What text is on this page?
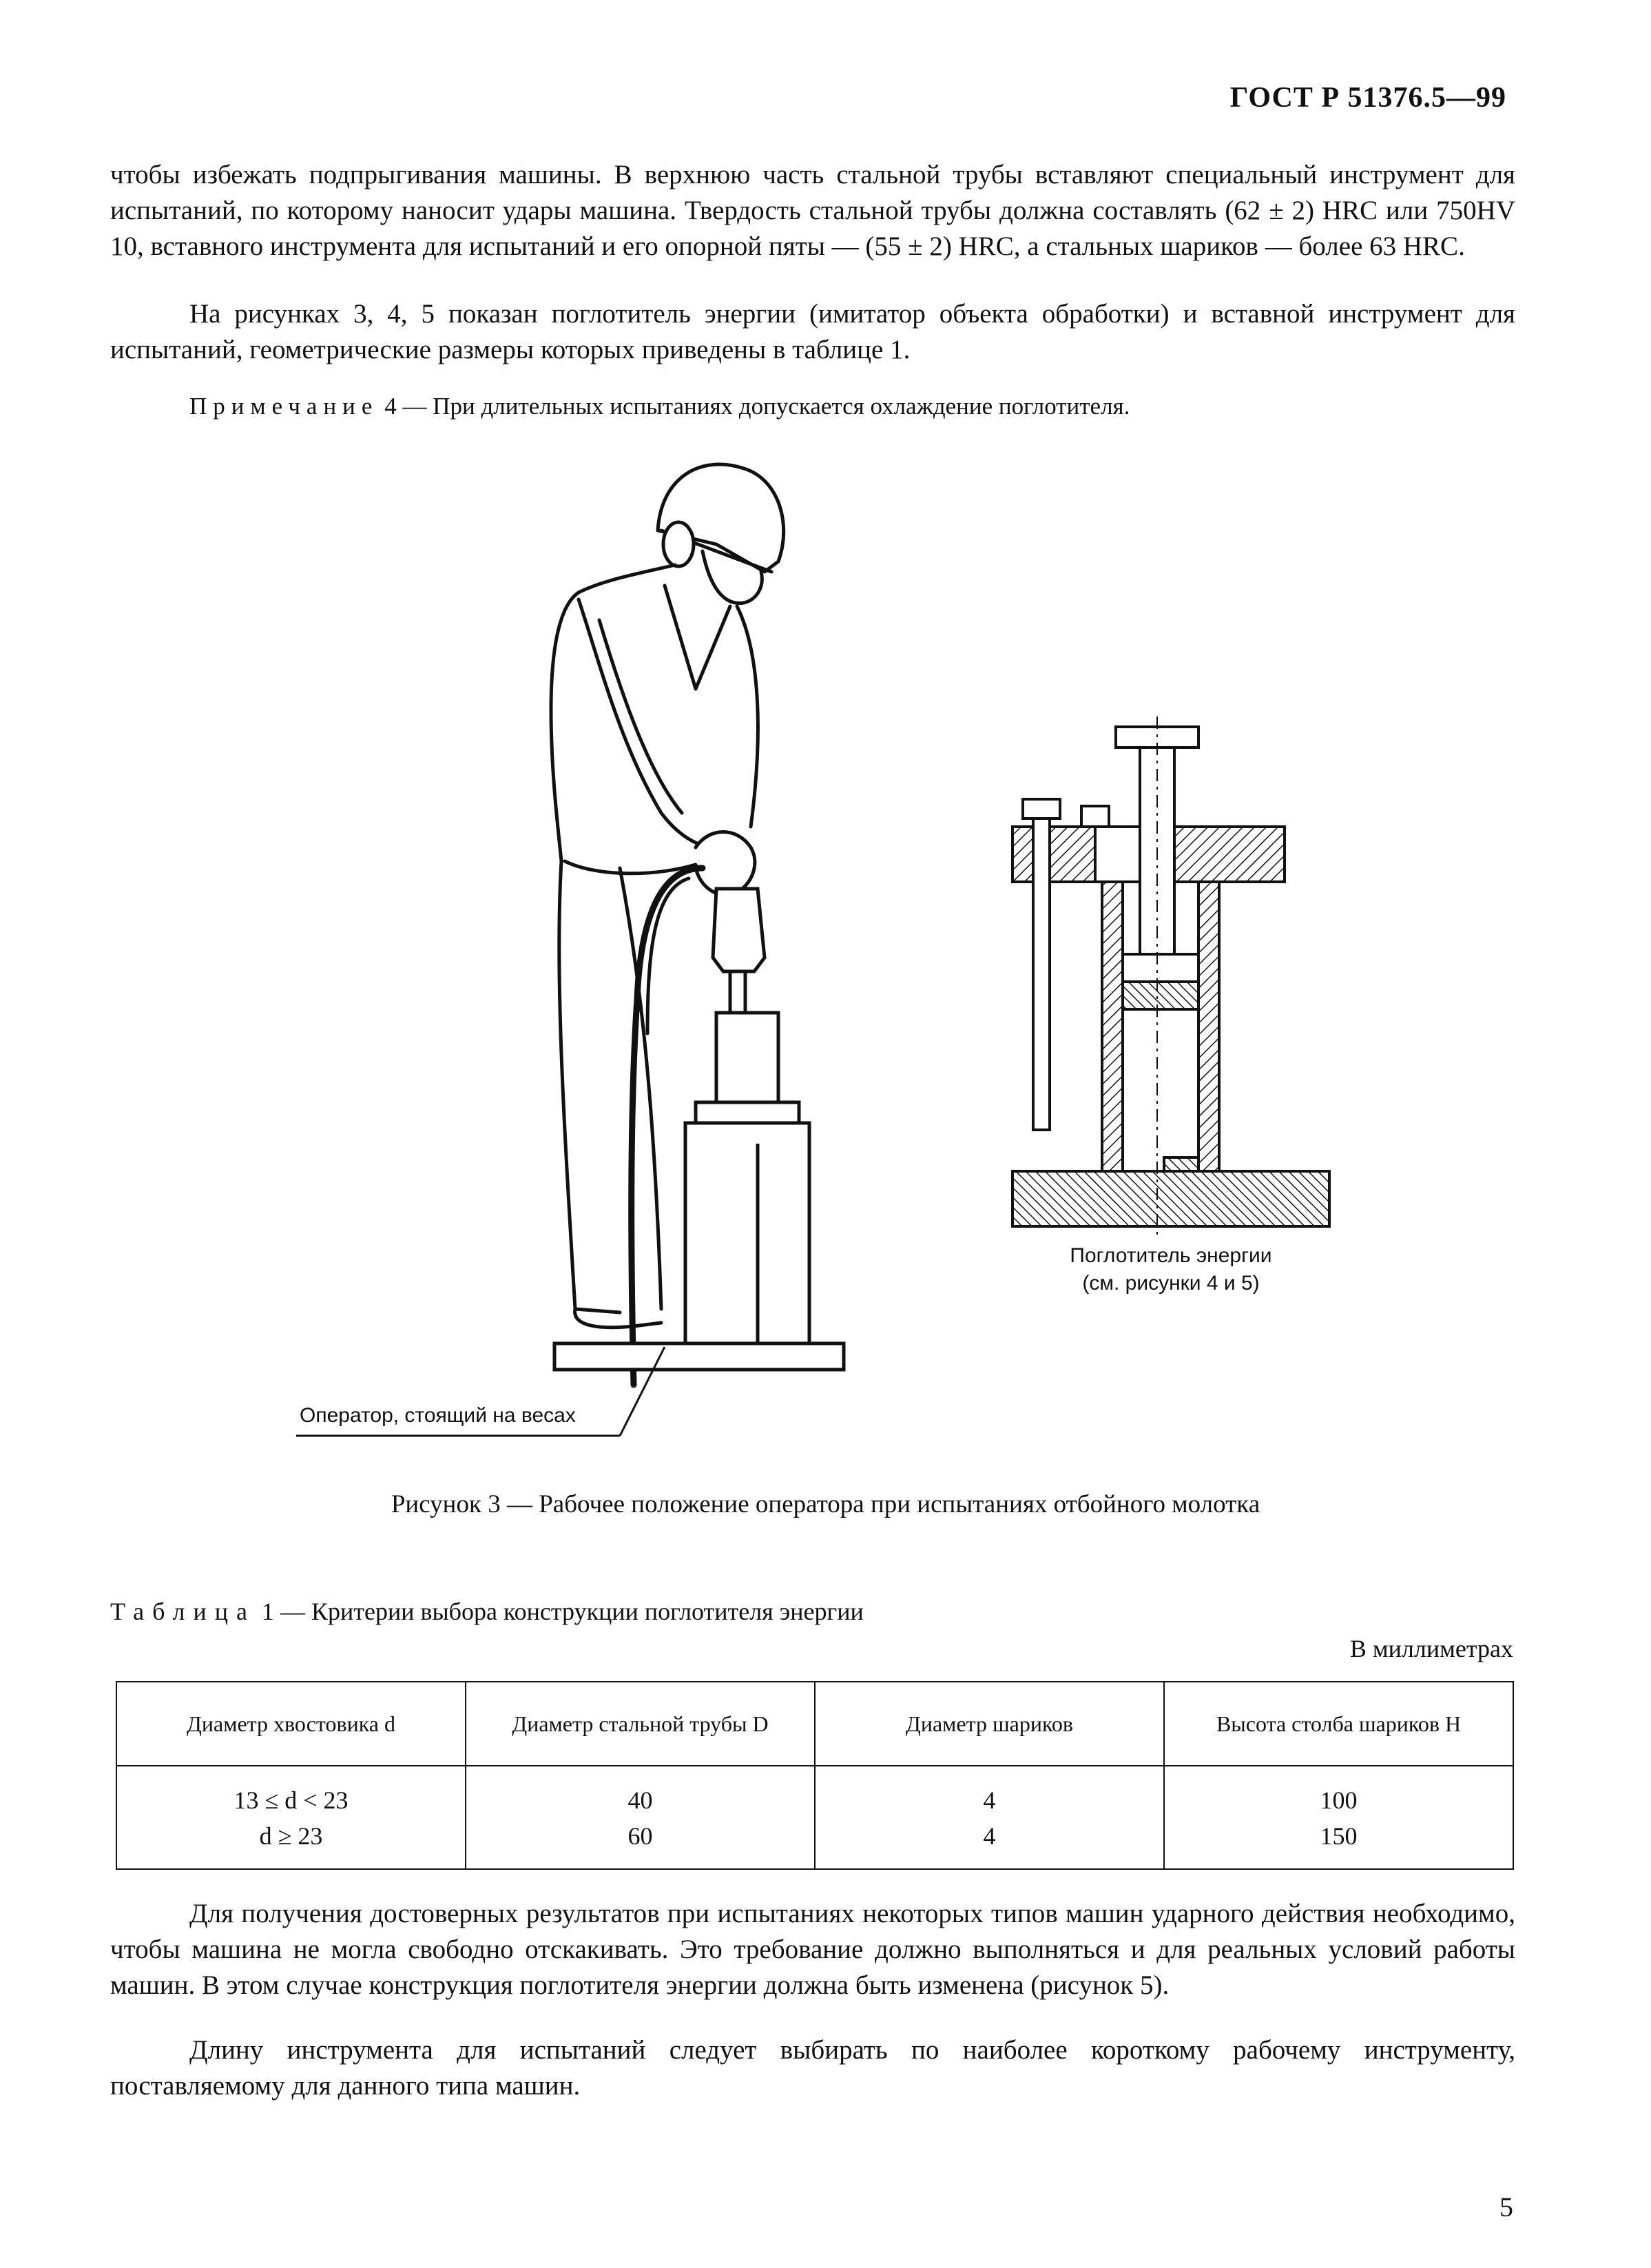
ГОСТ Р 51376.5—99
чтобы избежать подпрыгивания машины. В верхнюю часть стальной трубы вставляют специальный инструмент для испытаний, по которому наносит удары машина. Твердость стальной трубы должна составлять (62 ± 2) HRC или 750HV 10, вставного инструмента для испытаний и его опорной пяты — (55 ± 2) HRC, а стальных шариков — более 63 HRC.
На рисунках 3, 4, 5 показан поглотитель энергии (имитатор объекта обработки) и вставной инструмент для испытаний, геометрические размеры которых приведены в таблице 1.
Примечание 4 — При длительных испытаниях допускается охлаждение поглотителя.
Поглотитель энергии
(см. рисунки 4 и 5)
Оператор, стоящий на весах
Рисунок 3 — Рабочее положение оператора при испытаниях отбойного молотка
Таблица 1 — Критерии выбора конструкции поглотителя энергии
В миллиметрах
Диаметр хвостовика d	Диаметр стальной трубы D	Диаметр шариков	Высота столба шариков H
13 ≤ d < 23	40	4	100
d ≥ 23	60	4	150
Для получения достоверных результатов при испытаниях некоторых типов машин ударного действия необходимо, чтобы машина не могла свободно отскакивать. Это требование должно выполняться и для реальных условий работы машин. В этом случае конструкция поглотителя энергии должна быть изменена (рисунок 5).
Длину инструмента для испытаний следует выбирать по наиболее короткому рабочему инструменту, поставляемому для данного типа машин.
5
